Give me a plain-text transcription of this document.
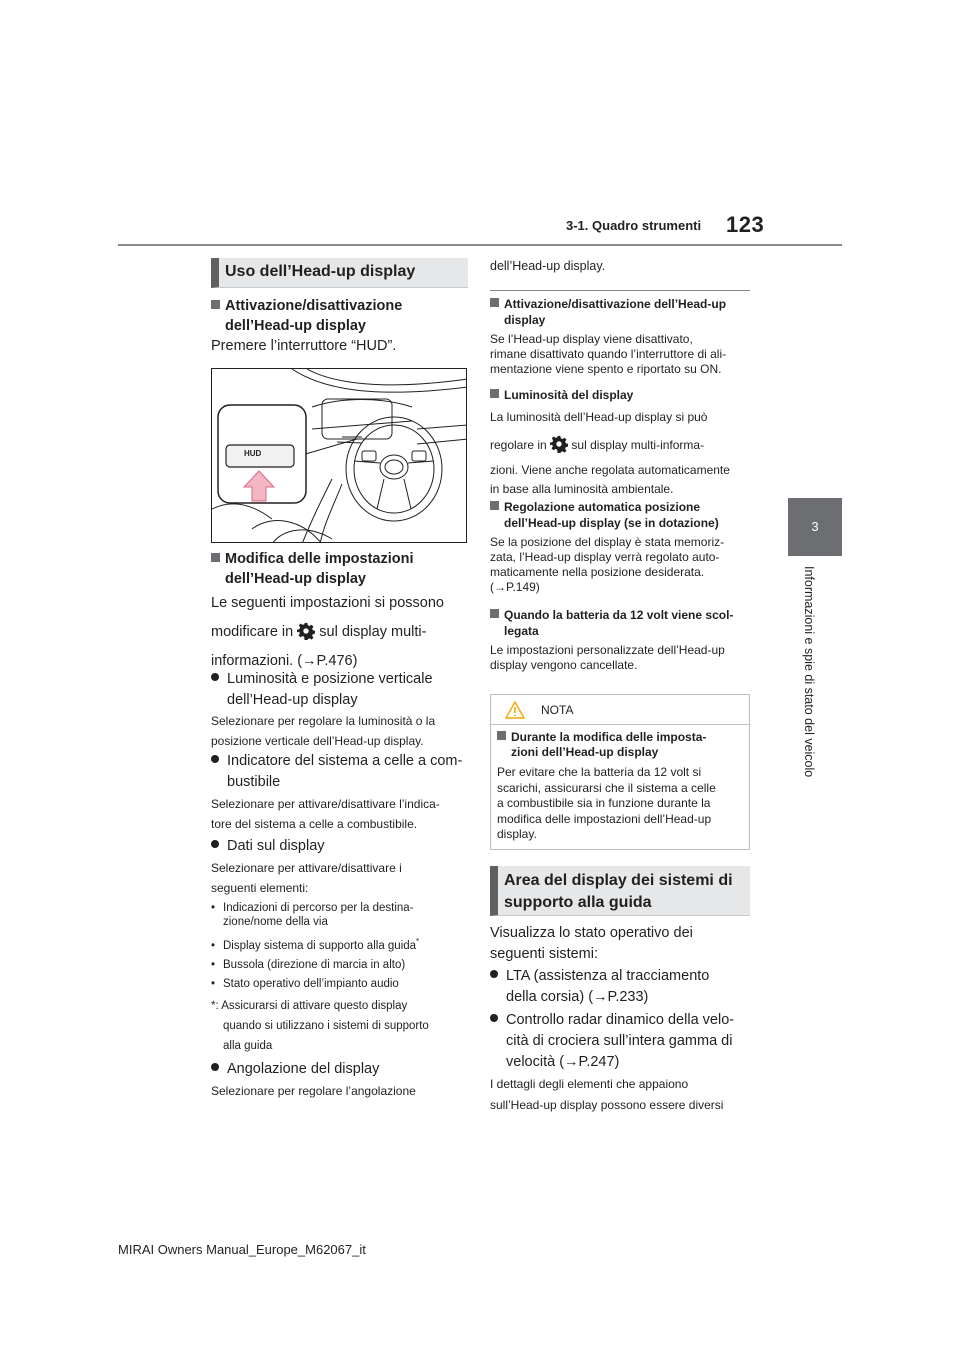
3-1. Quadro strumenti 123
3
Informazioni e spie di stato del veicolo
Uso dell’Head-up display
Attivazione/disattivazione
dell’Head-up display
Premere l’interruttore “HUD”.
HUD
Modifica delle impostazioni
dell’Head-up display
Le seguenti impostazioni si possono
modificare in sul display multi-
informazioni. (→P.476)
Luminosità e posizione verticale
dell’Head-up display
Selezionare per regolare la luminosità o la
posizione verticale dell’Head-up display.
Indicatore del sistema a celle a com-
bustibile
Selezionare per attivare/disattivare l’indica-
tore del sistema a celle a combustibile.
Dati sul display
Selezionare per attivare/disattivare i
seguenti elementi:
• Indicazioni di percorso per la destina-
zione/nome della via
• Display sistema di supporto alla guida*
• Bussola (direzione di marcia in alto)
• Stato operativo dell’impianto audio
*: Assicurarsi di attivare questo display
quando si utilizzano i sistemi di supporto
alla guida
Angolazione del display
Selezionare per regolare l’angolazione
dell’Head-up display.
Attivazione/disattivazione dell’Head-up
display
Se l’Head-up display viene disattivato,
rimane disattivato quando l’interruttore di ali-
mentazione viene spento e riportato su ON.
Luminosità del display
La luminosità dell’Head-up display si può
regolare in sul display multi-informa-
zioni. Viene anche regolata automaticamente
in base alla luminosità ambientale.
Regolazione automatica posizione
dell’Head-up display (se in dotazione)
Se la posizione del display è stata memoriz-
zata, l’Head-up display verrà regolato auto-
maticamente nella posizione desiderata.
(→P.149)
Quando la batteria da 12 volt viene scol-
legata
Le impostazioni personalizzate dell’Head-up
display vengono cancellate.
NOTA
Durante la modifica delle imposta-
zioni dell’Head-up display
Per evitare che la batteria da 12 volt si
scarichi, assicurarsi che il sistema a celle
a combustibile sia in funzione durante la
modifica delle impostazioni dell’Head-up
display.
Area del display dei sistemi di
supporto alla guida
Visualizza lo stato operativo dei
seguenti sistemi:
LTA (assistenza al tracciamento
della corsia) (→P.233)
Controllo radar dinamico della velo-
cità di crociera sull’intera gamma di
velocità (→P.247)
I dettagli degli elementi che appaiono
sull’Head-up display possono essere diversi
MIRAI Owners Manual_Europe_M62067_it
